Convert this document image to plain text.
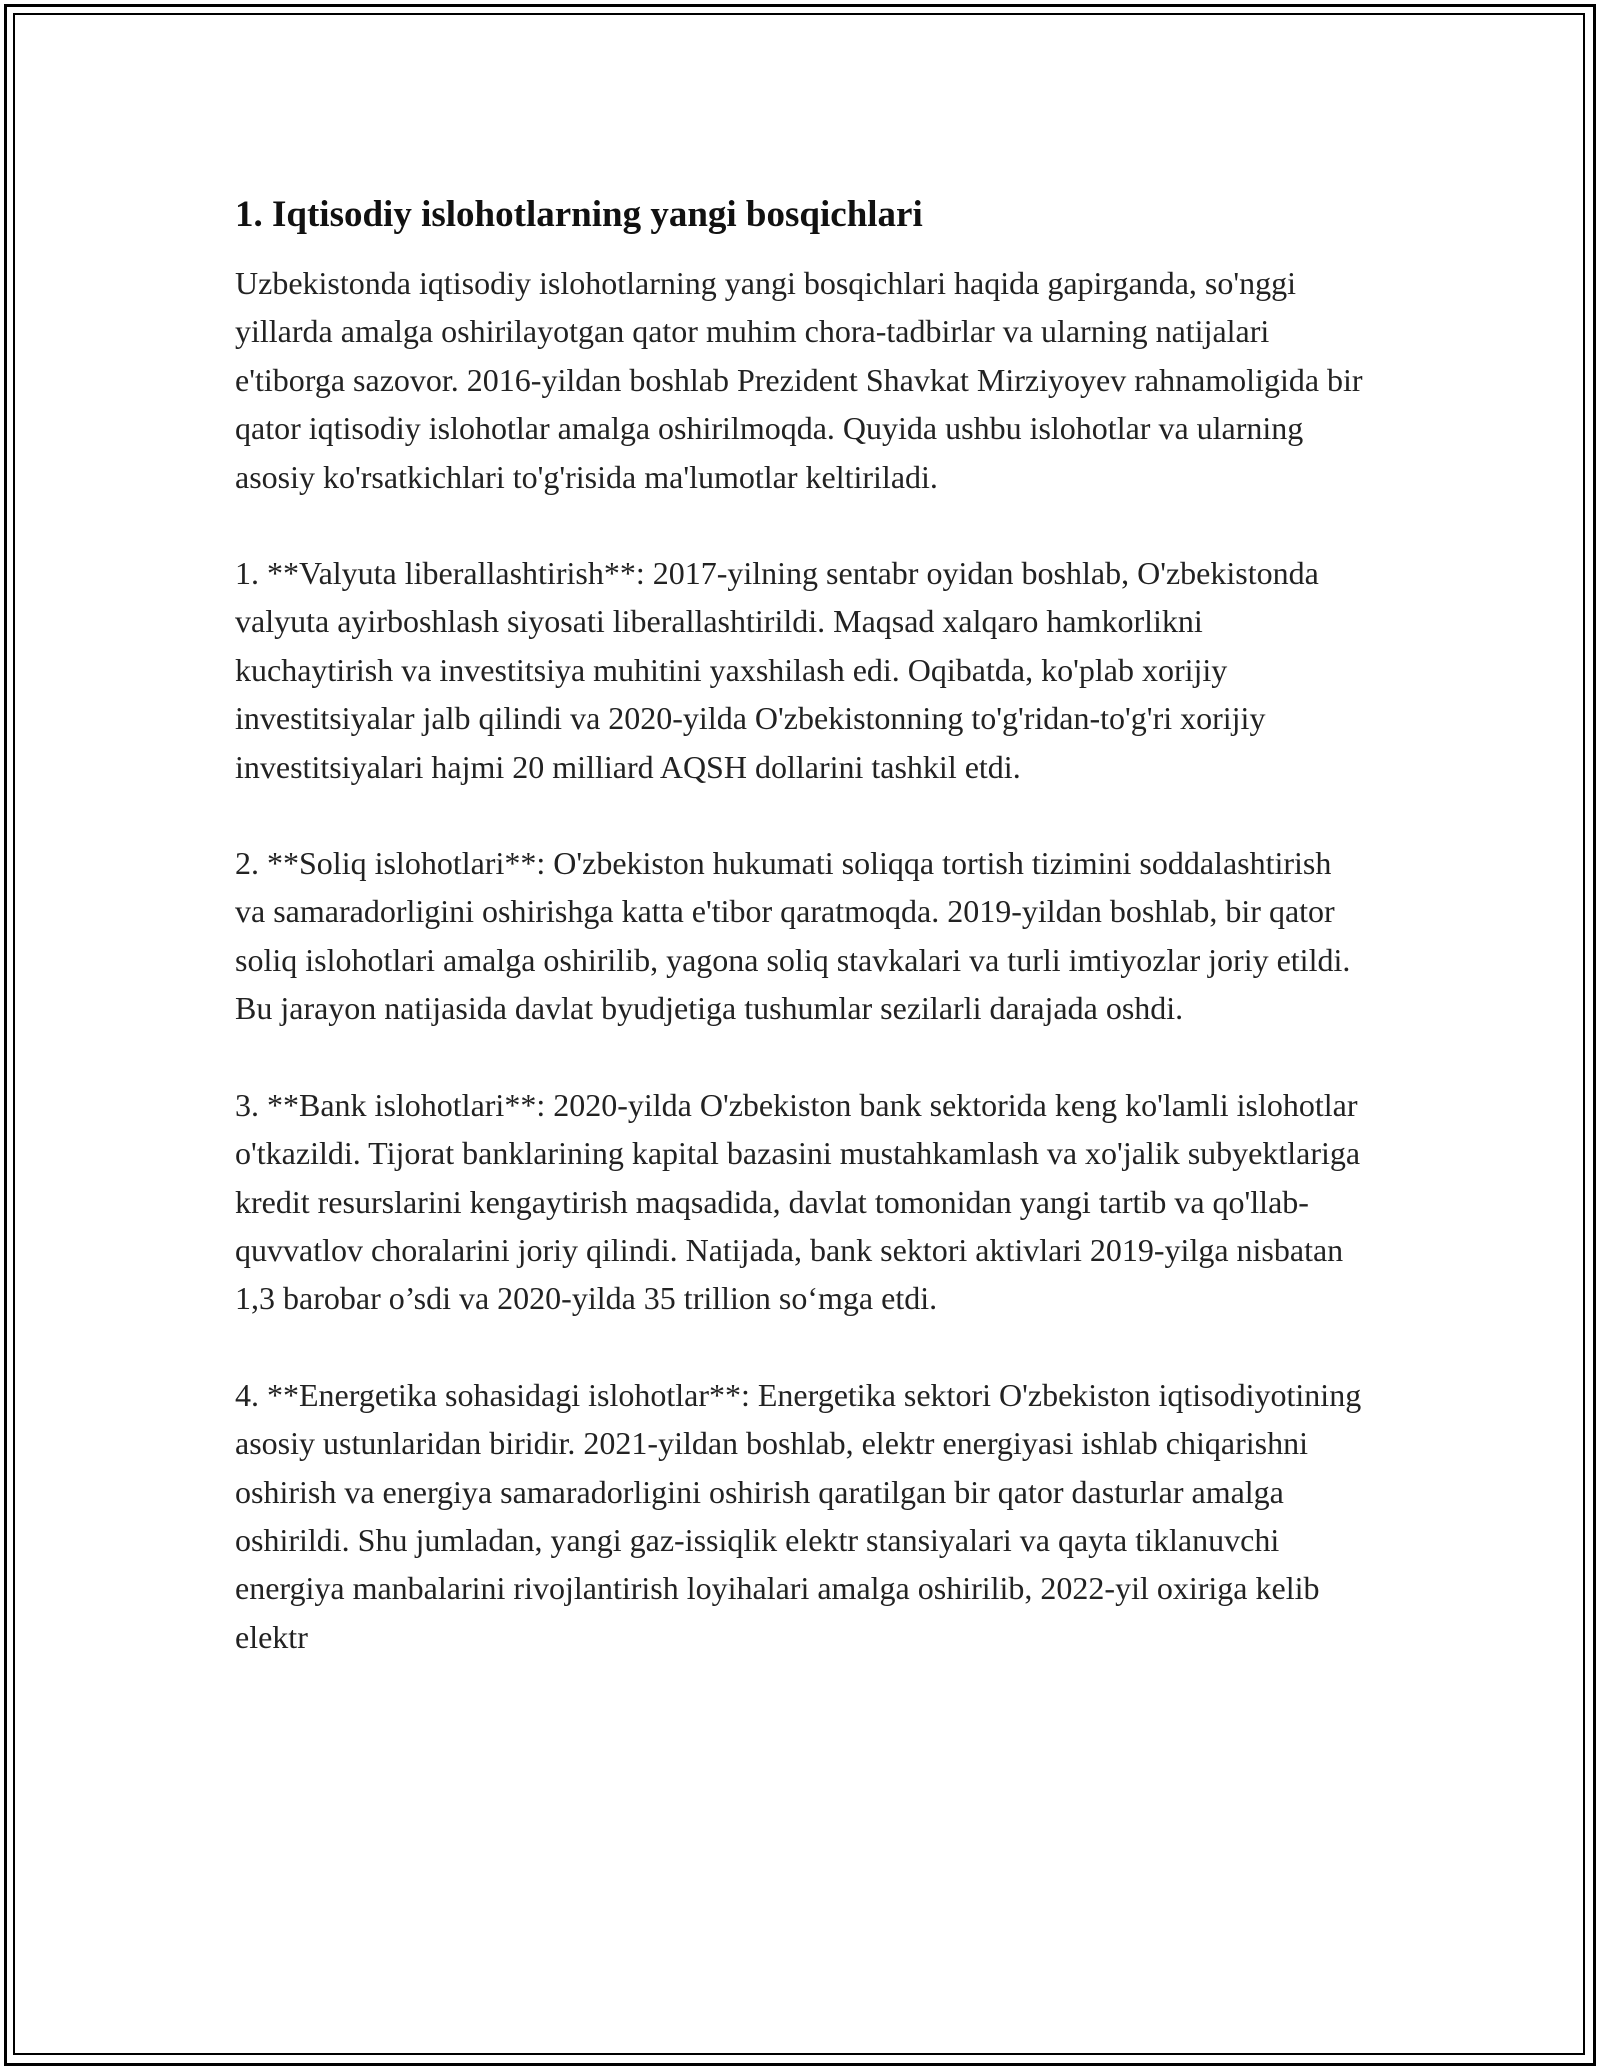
1. Iqtisodiy islohotlarning yangi bosqichlari

Uzbekistonda iqtisodiy islohotlarning yangi bosqichlari haqida gapirganda, so'nggi yillarda amalga oshirilayotgan qator muhim chora-tadbirlar va ularning natijalari e'tiborga sazovor. 2016-yildan boshlab Prezident Shavkat Mirziyoyev rahnamoligida bir qator iqtisodiy islohotlar amalga oshirilmoqda. Quyida ushbu islohotlar va ularning asosiy ko'rsatkichlari to'g'risida ma'lumotlar keltiriladi.

1. **Valyuta liberallashtirish**: 2017-yilning sentabr oyidan boshlab, O'zbekistonda valyuta ayirboshlash siyosati liberallashtirildi. Maqsad xalqaro hamkorlikni kuchaytirish va investitsiya muhitini yaxshilash edi. Oqibatda, ko'plab xorijiy investitsiyalar jalb qilindi va 2020-yilda O'zbekistonning to'g'ridan-to'g'ri xorijiy investitsiyalari hajmi 20 milliard AQSH dollarini tashkil etdi.

2. **Soliq islohotlari**: O'zbekiston hukumati soliqqa tortish tizimini soddalashtirish va samaradorligini oshirishga katta e'tibor qaratmoqda. 2019-yildan boshlab, bir qator soliq islohotlari amalga oshirilib, yagona soliq stavkalari va turli imtiyozlar joriy etildi. Bu jarayon natijasida davlat byudjetiga tushumlar sezilarli darajada oshdi.

3. **Bank islohotlari**: 2020-yilda O'zbekiston bank sektorida keng ko'lamli islohotlar o'tkazildi. Tijorat banklarining kapital bazasini mustahkamlash va xo'jalik subyektlariga kredit resurslarini kengaytirish maqsadida, davlat tomonidan yangi tartib va qo'llab-quvvatlov choralarini joriy qilindi. Natijada, bank sektori aktivlari 2019-yilga nisbatan 1,3 barobar o’sdi va 2020-yilda 35 trillion so‘mga etdi.

4. **Energetika sohasidagi islohotlar**: Energetika sektori O'zbekiston iqtisodiyotining asosiy ustunlaridan biridir. 2021-yildan boshlab, elektr energiyasi ishlab chiqarishni oshirish va energiya samaradorligini oshirish qaratilgan bir qator dasturlar amalga oshirildi. Shu jumladan, yangi gaz-issiqlik elektr stansiyalari va qayta tiklanuvchi energiya manbalarini rivojlantirish loyihalari amalga oshirilib, 2022-yil oxiriga kelib elektr
